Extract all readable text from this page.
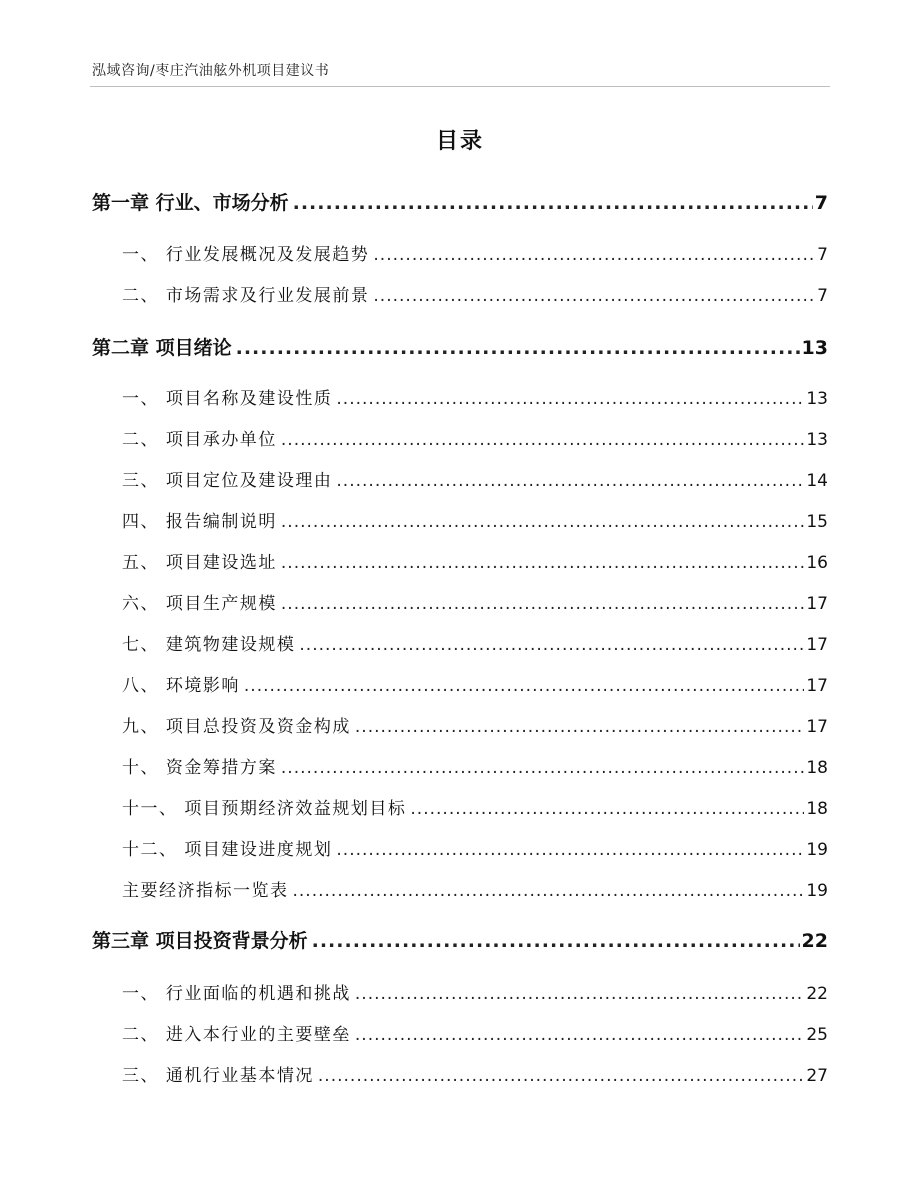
泓域咨询/枣庄汽油舷外机项目建议书
目录
第一章 行业、市场分析 .....	7
一、 行业发展概况及发展趋势 .....	7
二、 市场需求及行业发展前景 .....	7
第二章 项目绪论 .....	13
一、 项目名称及建设性质 .....	13
二、 项目承办单位 .....	13
三、 项目定位及建设理由 .....	14
四、 报告编制说明 .....	15
五、 项目建设选址 .....	16
六、 项目生产规模 .....	17
七、 建筑物建设规模 .....	17
八、 环境影响 .....	17
九、 项目总投资及资金构成 .....	17
十、 资金筹措方案 .....	18
十一、 项目预期经济效益规划目标 .....	18
十二、 项目建设进度规划 .....	19
主要经济指标一览表 .....	19
第三章 项目投资背景分析 .....	22
一、 行业面临的机遇和挑战 .....	22
二、 进入本行业的主要壁垒 .....	25
三、 通机行业基本情况 .....	27
